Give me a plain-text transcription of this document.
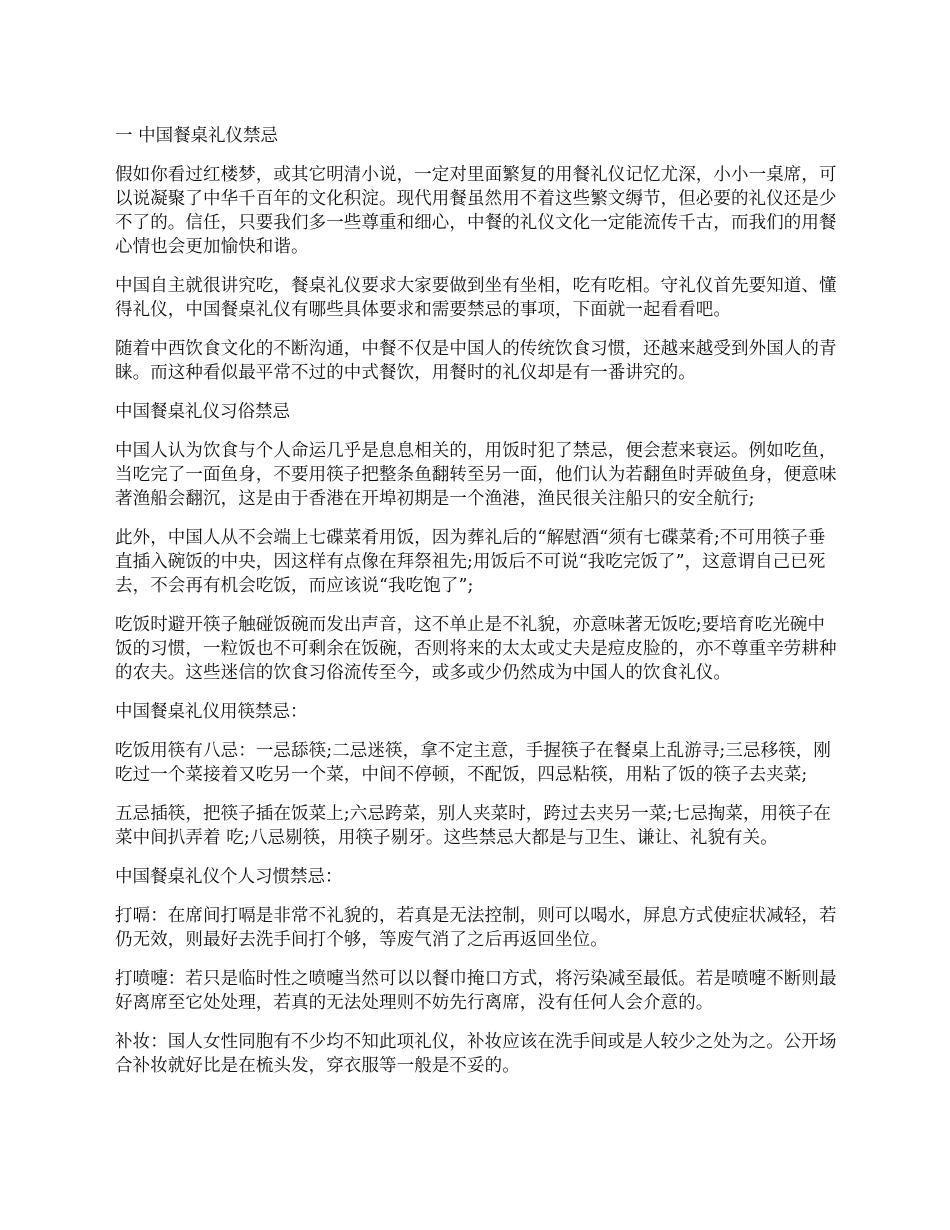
一 中国餐桌礼仪禁忌

假如你看过红楼梦，或其它明清小说，一定对里面繁复的用餐礼仪记忆尤深，小小一桌席，可以说凝聚了中华千百年的文化积淀。现代用餐虽然用不着这些繁文缛节，但必要的礼仪还是少不了的。信任，只要我们多一些尊重和细心，中餐的礼仪文化一定能流传千古，而我们的用餐心情也会更加愉快和谐。

中国自主就很讲究吃，餐桌礼仪要求大家要做到坐有坐相，吃有吃相。守礼仪首先要知道、懂得礼仪，中国餐桌礼仪有哪些具体要求和需要禁忌的事项，下面就一起看看吧。

随着中西饮食文化的不断沟通，中餐不仅是中国人的传统饮食习惯，还越来越受到外国人的青睐。而这种看似最平常不过的中式餐饮，用餐时的礼仪却是有一番讲究的。

中国餐桌礼仪习俗禁忌

中国人认为饮食与个人命运几乎是息息相关的，用饭时犯了禁忌，便会惹来衰运。例如吃鱼，当吃完了一面鱼身，不要用筷子把整条鱼翻转至另一面，他们认为若翻鱼时弄破鱼身，便意味著渔船会翻沉，这是由于香港在开埠初期是一个渔港，渔民很关注船只的安全航行;

此外，中国人从不会端上七碟菜肴用饭，因为葬礼后的“解慰酒“须有七碟菜肴;不可用筷子垂直插入碗饭的中央，因这样有点像在拜祭祖先;用饭后不可说“我吃完饭了”，这意谓自己已死去，不会再有机会吃饭，而应该说“我吃饱了”;

吃饭时避开筷子触碰饭碗而发出声音，这不单止是不礼貌，亦意味著无饭吃;要培育吃光碗中饭的习惯，一粒饭也不可剩余在饭碗，否则将来的太太或丈夫是痘皮脸的，亦不尊重辛劳耕种的农夫。这些迷信的饮食习俗流传至今，或多或少仍然成为中国人的饮食礼仪。

中国餐桌礼仪用筷禁忌：

吃饭用筷有八忌：一忌舔筷;二忌迷筷，拿不定主意，手握筷子在餐桌上乱游寻;三忌移筷，刚吃过一个菜接着又吃另一个菜，中间不停顿，不配饭，四忌粘筷，用粘了饭的筷子去夹菜;

五忌插筷，把筷子插在饭菜上;六忌跨菜，别人夹菜时，跨过去夹另一菜;七忌掏菜，用筷子在菜中间扒弄着 吃;八忌剔筷，用筷子剔牙。这些禁忌大都是与卫生、谦让、礼貌有关。

中国餐桌礼仪个人习惯禁忌：

打嗝：在席间打嗝是非常不礼貌的，若真是无法控制，则可以喝水，屏息方式使症状减轻，若仍无效，则最好去洗手间打个够，等废气消了之后再返回坐位。

打喷嚏：若只是临时性之喷嚏当然可以以餐巾掩口方式，将污染减至最低。若是喷嚏不断则最好离席至它处处理，若真的无法处理则不妨先行离席，没有任何人会介意的。

补妆：国人女性同胞有不少均不知此项礼仪，补妆应该在洗手间或是人较少之处为之。公开场合补妆就好比是在梳头发，穿衣服等一般是不妥的。
